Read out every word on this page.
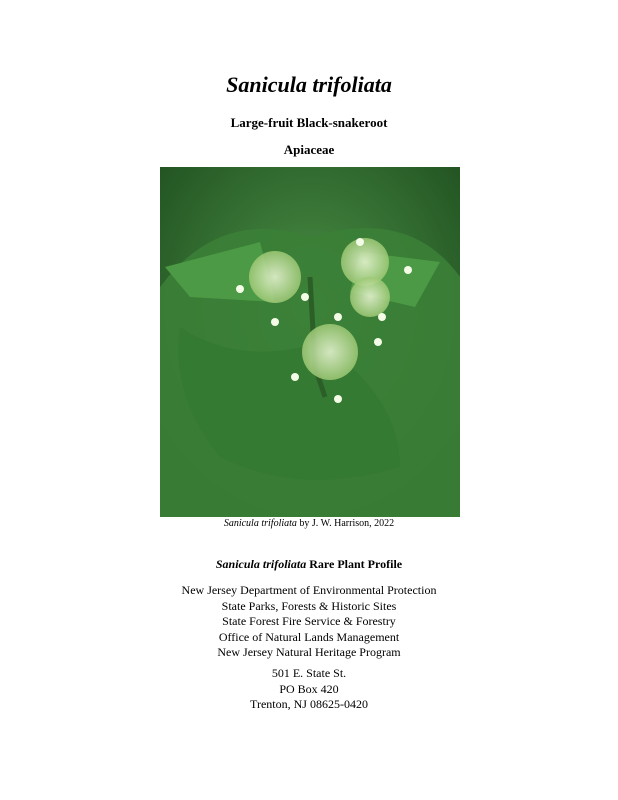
Sanicula trifoliata
Large-fruit Black-snakeroot
Apiaceae
Sanicula trifoliata by J. W. Harrison, 2022
Sanicula trifoliata Rare Plant Profile
New Jersey Department of Environmental Protection
State Parks, Forests & Historic Sites
State Forest Fire Service & Forestry
Office of Natural Lands Management
New Jersey Natural Heritage Program
501 E. State St.
PO Box 420
Trenton, NJ 08625-0420
